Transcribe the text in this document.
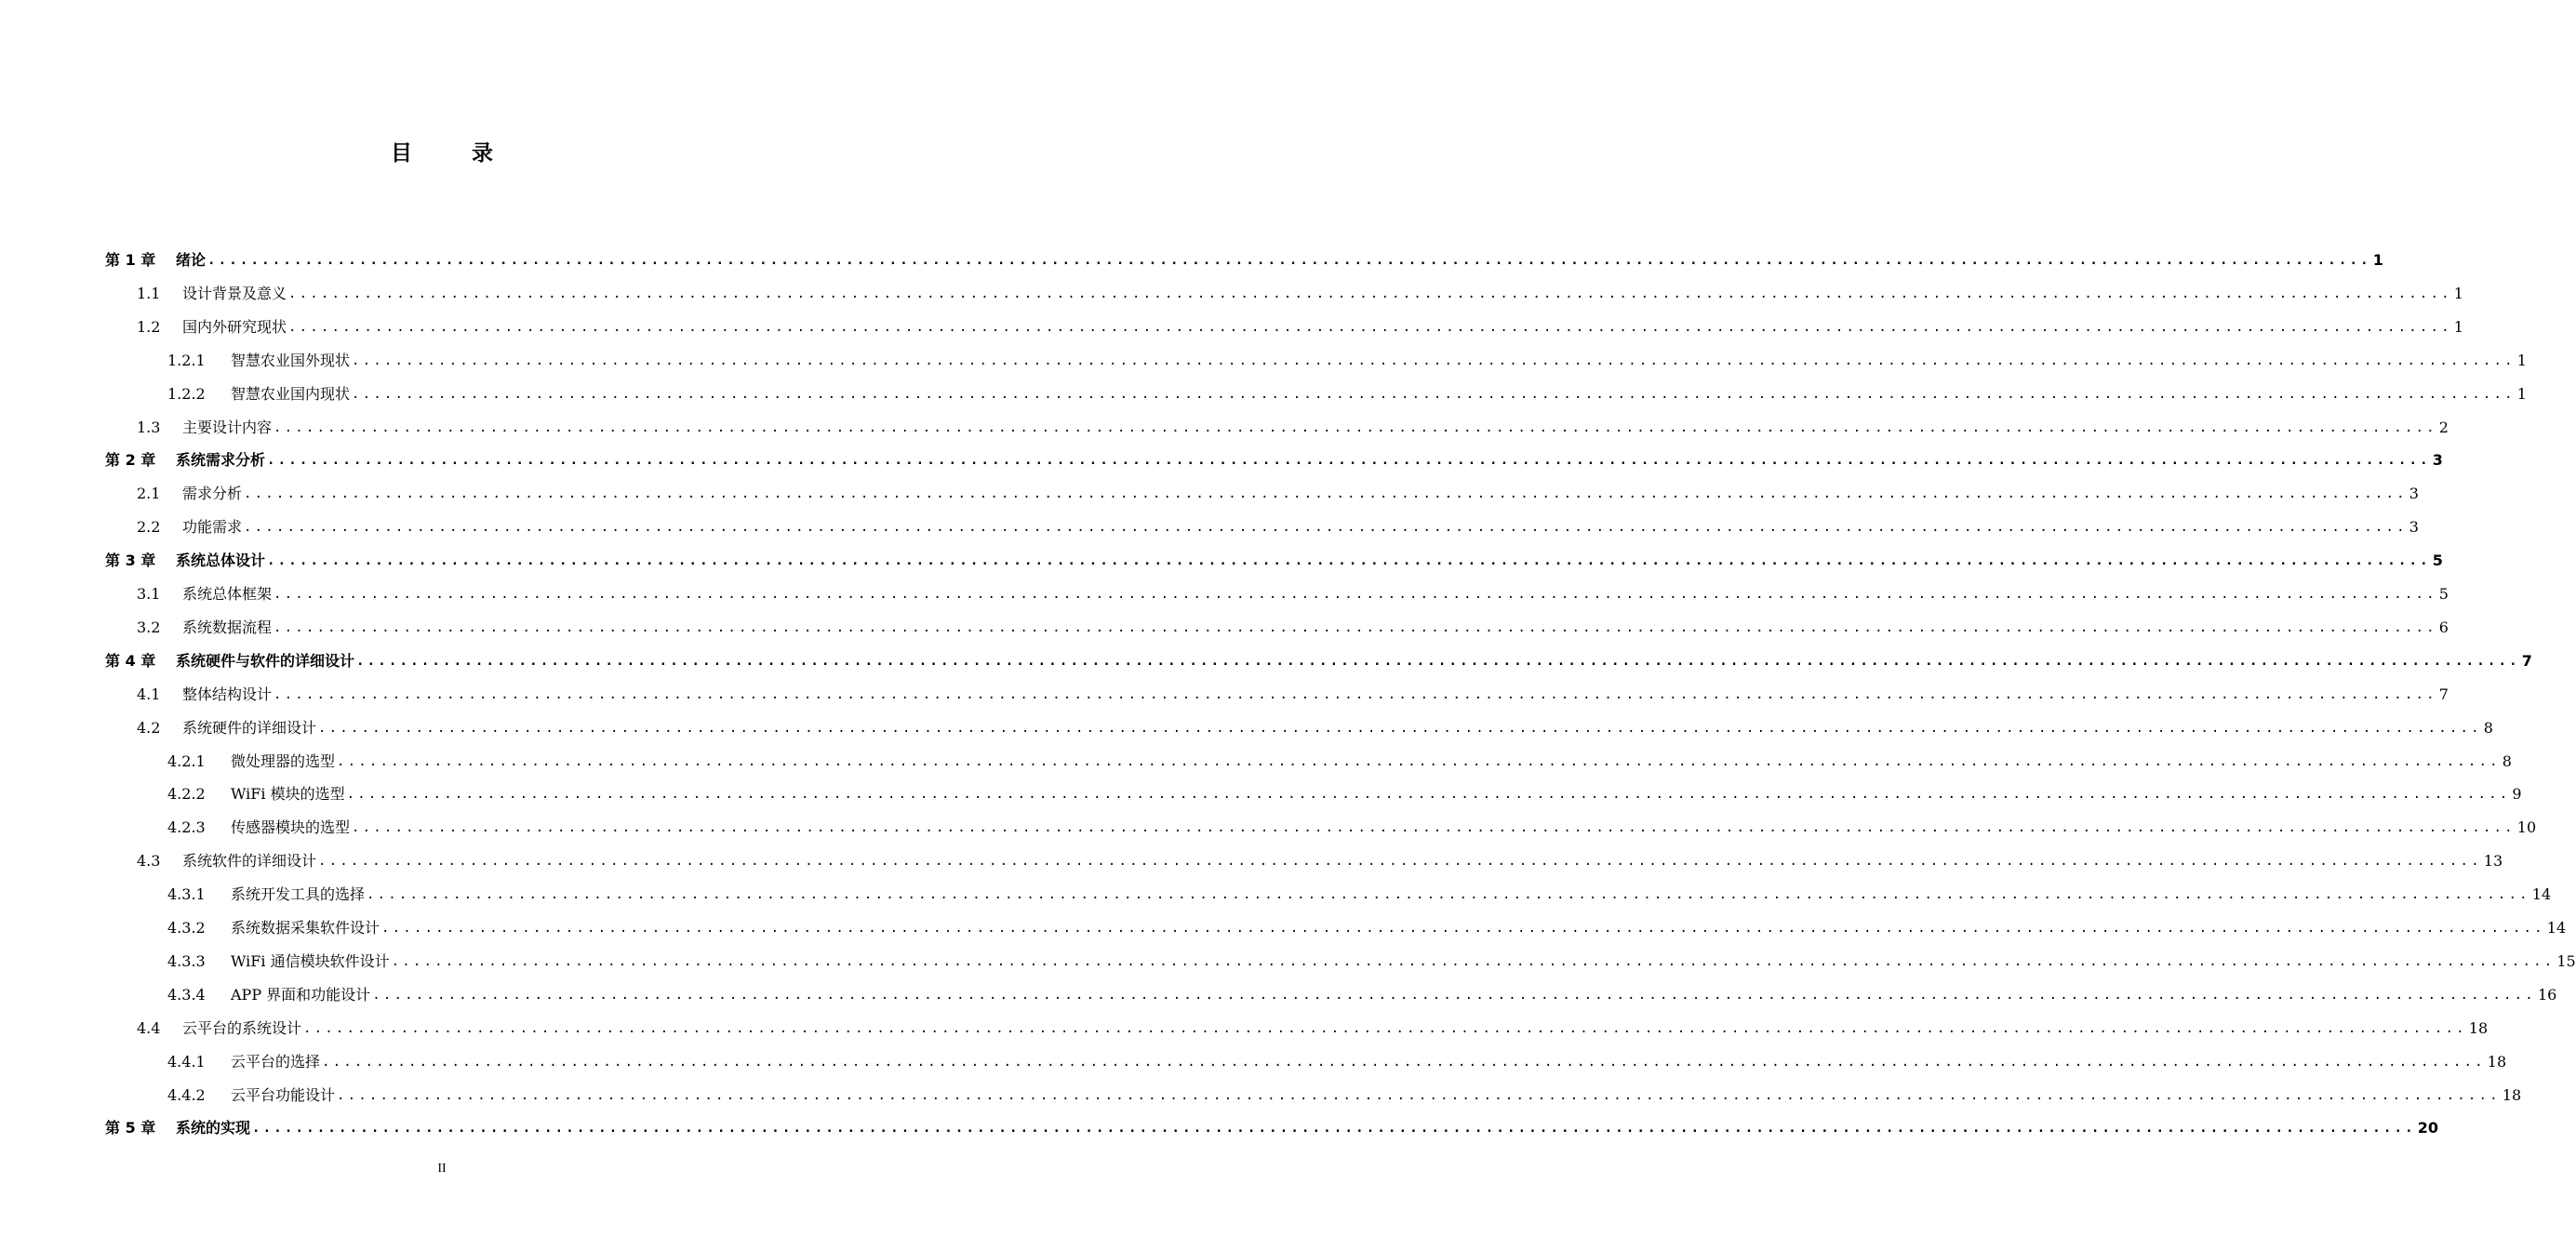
目 录
第 1 章	绪论 ........................................................................................................................................................................................................ 1
1.1	设计背景及意义 ........................................................................................................................................................................................................ 1
1.2	国内外研究现状 ........................................................................................................................................................................................................ 1
1.2.1	智慧农业国外现状 ........................................................................................................................................................................................................ 1
1.2.2	智慧农业国内现状 ........................................................................................................................................................................................................ 1
1.3	主要设计内容 ........................................................................................................................................................................................................ 2
第 2 章	系统需求分析 ........................................................................................................................................................................................................ 3
2.1	需求分析 ........................................................................................................................................................................................................ 3
2.2	功能需求 ........................................................................................................................................................................................................ 3
第 3 章	系统总体设计 ........................................................................................................................................................................................................ 5
3.1	系统总体框架 ........................................................................................................................................................................................................ 5
3.2	系统数据流程 ........................................................................................................................................................................................................ 6
第 4 章	系统硬件与软件的详细设计 ........................................................................................................................................................................................................ 7
4.1	整体结构设计 ........................................................................................................................................................................................................ 7
4.2	系统硬件的详细设计 ........................................................................................................................................................................................................ 8
4.2.1	微处理器的选型 ........................................................................................................................................................................................................ 8
4.2.2	WiFi 模块的选型 ........................................................................................................................................................................................................ 9
4.2.3	传感器模块的选型 ........................................................................................................................................................................................................ 10
4.3	系统软件的详细设计 ........................................................................................................................................................................................................ 13
4.3.1	系统开发工具的选择 ........................................................................................................................................................................................................ 14
4.3.2	系统数据采集软件设计 ........................................................................................................................................................................................................ 14
4.3.3	WiFi 通信模块软件设计 ........................................................................................................................................................................................................ 15
4.3.4	APP 界面和功能设计 ........................................................................................................................................................................................................ 16
4.4	云平台的系统设计 ........................................................................................................................................................................................................ 18
4.4.1	云平台的选择 ........................................................................................................................................................................................................ 18
4.4.2	云平台功能设计 ........................................................................................................................................................................................................ 18
第 5 章	系统的实现 ........................................................................................................................................................................................................ 20
II
